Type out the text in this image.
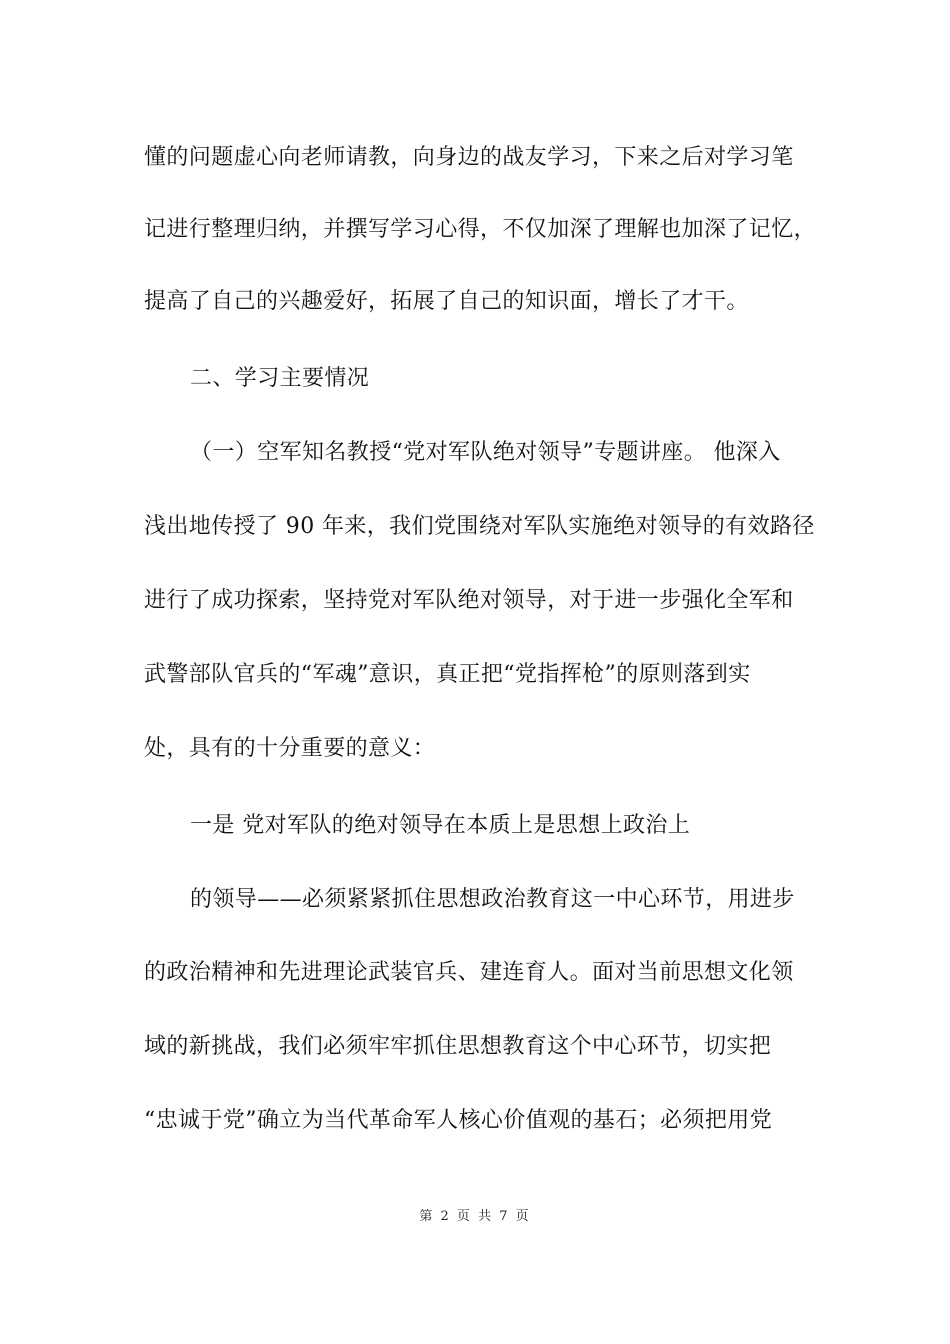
懂的问题虚心向老师请教，向身边的战友学习，下来之后对学习笔
记进行整理归纳，并撰写学习心得，不仅加深了理解也加深了记忆，
提高了自己的兴趣爱好，拓展了自己的知识面，增长了才干。
二、学习主要情况
（一）空军知名教授“党对军队绝对领导”专题讲座。 他深入
浅出地传授了 90 年来，我们党围绕对军队实施绝对领导的有效路径
进行了成功探索，坚持党对军队绝对领导，对于进一步强化全军和
武警部队官兵的“军魂”意识，真正把“党指挥枪”的原则落到实
处，具有的十分重要的意义：
一是 党对军队的绝对领导在本质上是思想上政治上
的领导——必须紧紧抓住思想政治教育这一中心环节，用进步
的政治精神和先进理论武装官兵、建连育人。面对当前思想文化领
域的新挑战，我们必须牢牢抓住思想教育这个中心环节，切实把
“忠诚于党”确立为当代革命军人核心价值观的基石；必须把用党
第 2 页 共 7 页
